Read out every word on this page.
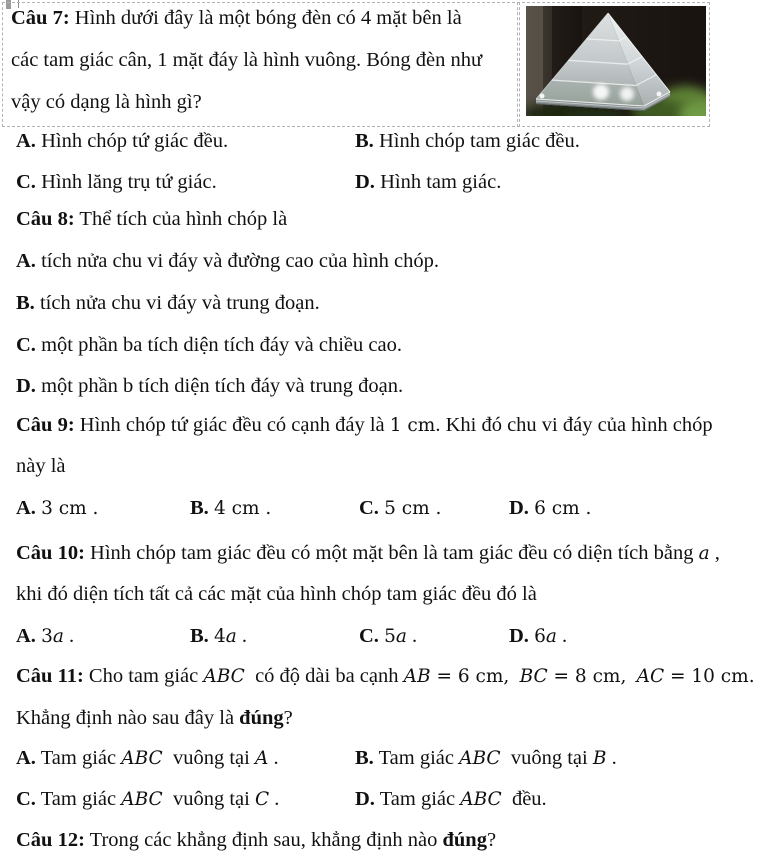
Câu 7: Hình dưới đây là một bóng đèn có 4 mặt bên là
các tam giác cân, 1 mặt đáy là hình vuông. Bóng đèn như
vậy có dạng là hình gì?
A. Hình chóp tứ giác đều.	B. Hình chóp tam giác đều.
C. Hình lăng trụ tứ giác.	D. Hình tam giác.
Câu 8: Thể tích của hình chóp là
A. tích nửa chu vi đáy và đường cao của hình chóp.
B. tích nửa chu vi đáy và trung đoạn.
C. một phần ba tích diện tích đáy và chiều cao.
D. một phần b tích diện tích đáy và trung đoạn.
Câu 9: Hình chóp tứ giác đều có cạnh đáy là 1 cm. Khi đó chu vi đáy của hình chóp
này là
A. 3 cm .	B. 4 cm .	C. 5 cm .	D. 6 cm .
Câu 10: Hình chóp tam giác đều có một mặt bên là tam giác đều có diện tích bằng a ,
khi đó diện tích tất cả các mặt của hình chóp tam giác đều đó là
A. 3a .	B. 4a .	C. 5a .	D. 6a .
Câu 11: Cho tam giác ABC  có độ dài ba cạnh AB = 6 cm, BC = 8 cm, AC = 10 cm.
Khẳng định nào sau đây là đúng?
A. Tam giác ABC  vuông tại A .	B. Tam giác ABC  vuông tại B .
C. Tam giác ABC  vuông tại C .	D. Tam giác ABC  đều.
Câu 12: Trong các khẳng định sau, khẳng định nào đúng?
